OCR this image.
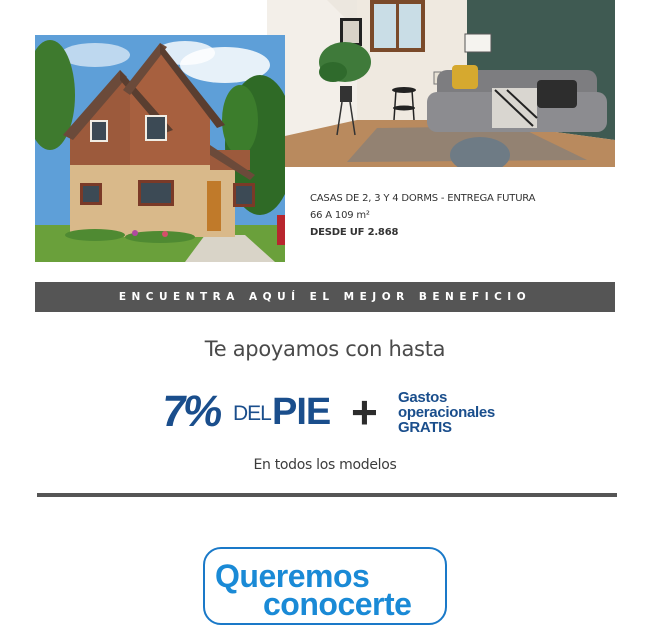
CASAS DE 2, 3 Y 4 DORMS - ENTREGA FUTURA
66 A 109 m²
DESDE UF 2.868
ENCUENTRA AQUÍ EL MEJOR BENEFICIO
Te apoyamos con hasta
7% DEL PIE + Gastos
operacionales
GRATIS
En todos los modelos
Queremos
conocerte
